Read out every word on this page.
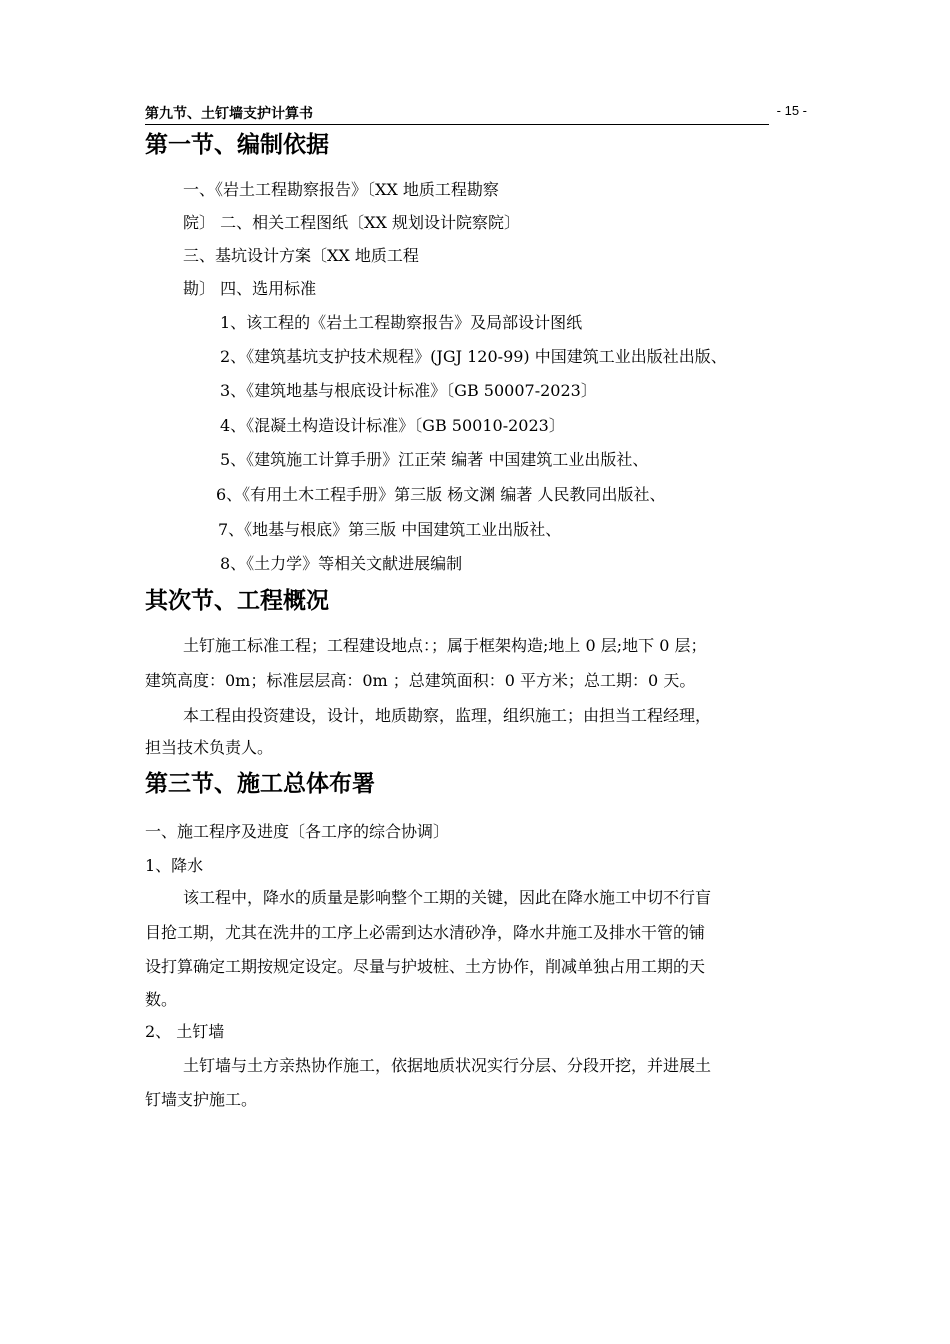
第九节、土钉墙支护计算书	- 15 -
第一节、编制依据
一、《岩土工程勘察报告》〔XX 地质工程勘察
院〕 二、相关工程图纸〔XX 规划设计院察院〕
三、基坑设计方案〔XX 地质工程
勘〕 四、选用标准
1、该工程的《岩土工程勘察报告》及局部设计图纸
2、《建筑基坑支护技术规程》(JGJ 120-99) 中国建筑工业出版社出版、
3、《建筑地基与根底设计标准》〔GB 50007-2023〕
4、《混凝土构造设计标准》〔GB 50010-2023〕
5、《建筑施工计算手册》江正荣 编著 中国建筑工业出版社、
6、《有用土木工程手册》第三版 杨文渊 编著 人民教同出版社、
7、《地基与根底》第三版 中国建筑工业出版社、
8、《土力学》等相关文献进展编制
其次节、工程概况
土钉施工标准工程；工程建设地点：；属于框架构造;地上 0 层;地下 0 层；
建筑高度：0m；标准层层高：0m ；总建筑面积：0 平方米；总工期：0 天。
本工程由投资建设，设计，地质勘察，监理，组织施工；由担当工程经理，
担当技术负责人。
第三节、施工总体布署
一、施工程序及进度〔各工序的综合协调〕
1、降水
该工程中，降水的质量是影响整个工期的关键，因此在降水施工中切不行盲
目抢工期，尤其在洗井的工序上必需到达水清砂净，降水井施工及排水干管的铺
设打算确定工期按规定设定。尽量与护坡桩、土方协作，削减单独占用工期的天
数。
2、 土钉墙
土钉墙与土方亲热协作施工，依据地质状况实行分层、分段开挖，并进展土
钉墙支护施工。
